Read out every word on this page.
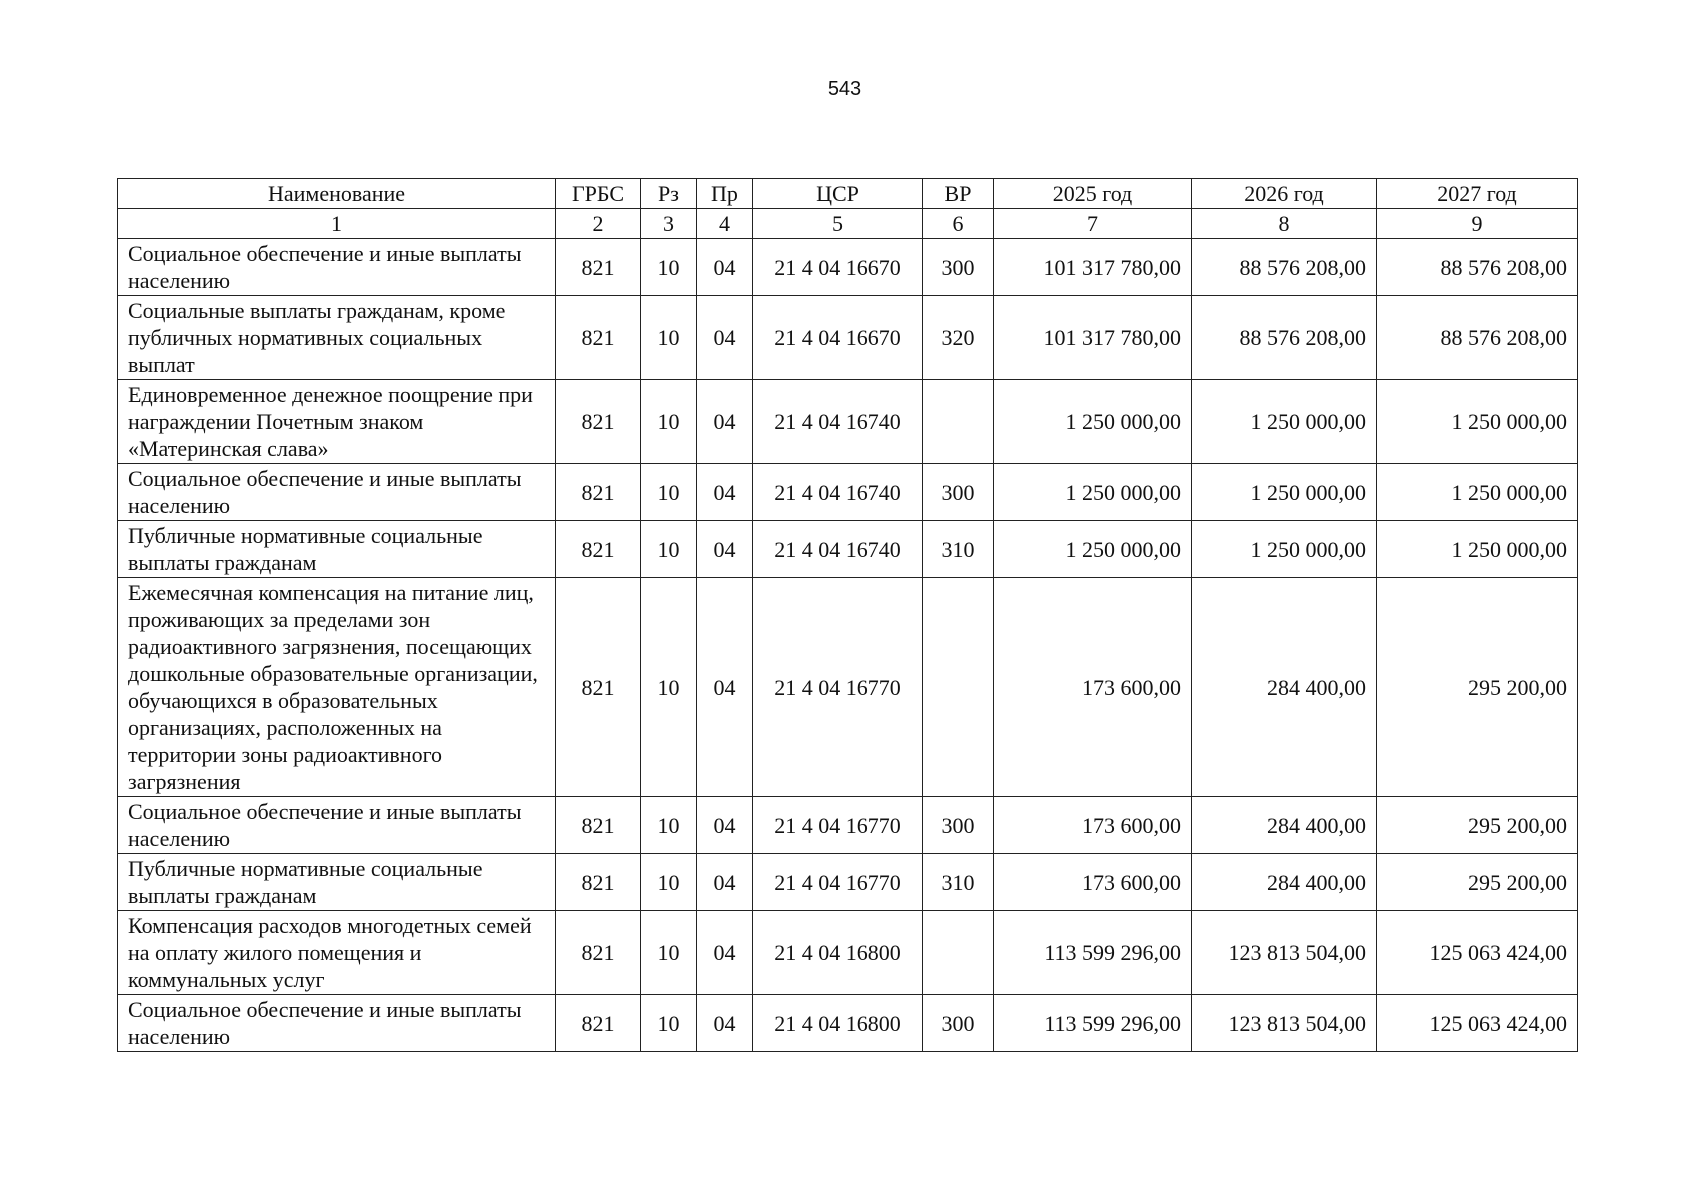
543
Наименование	ГРБС	Рз	Пр	ЦСР	ВР	2025 год	2026 год	2027 год
1	2	3	4	5	6	7	8	9
Социальное обеспечение и иные выплаты населению	821	10	04	21 4 04 16670	300	101 317 780,00	88 576 208,00	88 576 208,00
Социальные выплаты гражданам, кроме публичных нормативных социальных выплат	821	10	04	21 4 04 16670	320	101 317 780,00	88 576 208,00	88 576 208,00
Единовременное денежное поощрение при награждении Почетным знаком «Материнская слава»	821	10	04	21 4 04 16740		1 250 000,00	1 250 000,00	1 250 000,00
Социальное обеспечение и иные выплаты населению	821	10	04	21 4 04 16740	300	1 250 000,00	1 250 000,00	1 250 000,00
Публичные нормативные социальные выплаты гражданам	821	10	04	21 4 04 16740	310	1 250 000,00	1 250 000,00	1 250 000,00
Ежемесячная компенсация на питание лиц, проживающих за пределами зон радиоактивного загрязнения, посещающих дошкольные образовательные организации, обучающихся в образовательных организациях, расположенных на территории зоны радиоактивного загрязнения	821	10	04	21 4 04 16770		173 600,00	284 400,00	295 200,00
Социальное обеспечение и иные выплаты населению	821	10	04	21 4 04 16770	300	173 600,00	284 400,00	295 200,00
Публичные нормативные социальные выплаты гражданам	821	10	04	21 4 04 16770	310	173 600,00	284 400,00	295 200,00
Компенсация расходов многодетных семей на оплату жилого помещения и коммунальных услуг	821	10	04	21 4 04 16800		113 599 296,00	123 813 504,00	125 063 424,00
Социальное обеспечение и иные выплаты населению	821	10	04	21 4 04 16800	300	113 599 296,00	123 813 504,00	125 063 424,00
